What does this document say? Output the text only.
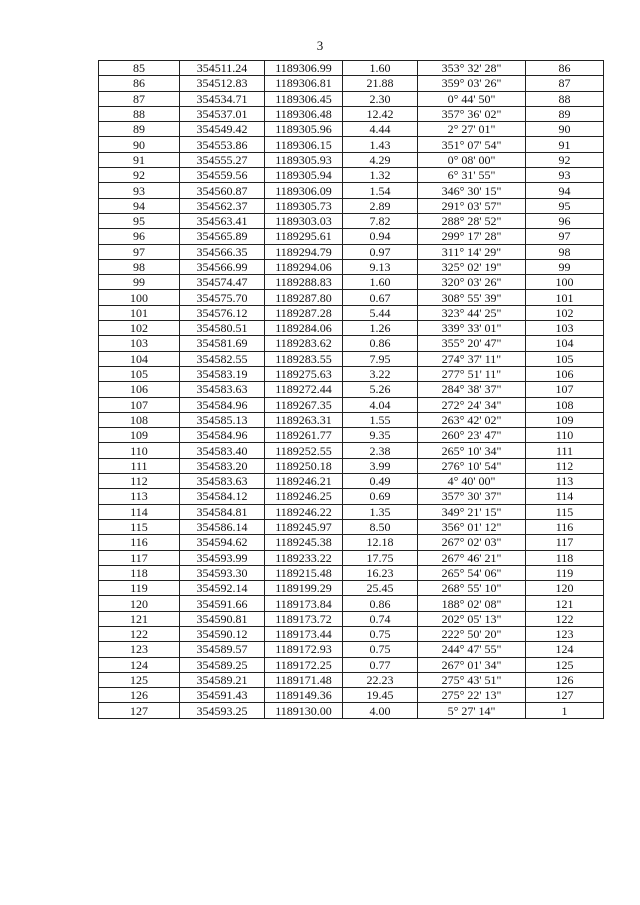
3
85	354511.24	1189306.99	1.60	353° 32' 28"	86
86	354512.83	1189306.81	21.88	359° 03' 26"	87
87	354534.71	1189306.45	2.30	0° 44' 50"	88
88	354537.01	1189306.48	12.42	357° 36' 02"	89
89	354549.42	1189305.96	4.44	2° 27' 01"	90
90	354553.86	1189306.15	1.43	351° 07' 54"	91
91	354555.27	1189305.93	4.29	0° 08' 00"	92
92	354559.56	1189305.94	1.32	6° 31' 55"	93
93	354560.87	1189306.09	1.54	346° 30' 15"	94
94	354562.37	1189305.73	2.89	291° 03' 57"	95
95	354563.41	1189303.03	7.82	288° 28' 52"	96
96	354565.89	1189295.61	0.94	299° 17' 28"	97
97	354566.35	1189294.79	0.97	311° 14' 29"	98
98	354566.99	1189294.06	9.13	325° 02' 19"	99
99	354574.47	1189288.83	1.60	320° 03' 26"	100
100	354575.70	1189287.80	0.67	308° 55' 39"	101
101	354576.12	1189287.28	5.44	323° 44' 25"	102
102	354580.51	1189284.06	1.26	339° 33' 01"	103
103	354581.69	1189283.62	0.86	355° 20' 47"	104
104	354582.55	1189283.55	7.95	274° 37' 11"	105
105	354583.19	1189275.63	3.22	277° 51' 11"	106
106	354583.63	1189272.44	5.26	284° 38' 37"	107
107	354584.96	1189267.35	4.04	272° 24' 34"	108
108	354585.13	1189263.31	1.55	263° 42' 02"	109
109	354584.96	1189261.77	9.35	260° 23' 47"	110
110	354583.40	1189252.55	2.38	265° 10' 34"	111
111	354583.20	1189250.18	3.99	276° 10' 54"	112
112	354583.63	1189246.21	0.49	4° 40' 00"	113
113	354584.12	1189246.25	0.69	357° 30' 37"	114
114	354584.81	1189246.22	1.35	349° 21' 15"	115
115	354586.14	1189245.97	8.50	356° 01' 12"	116
116	354594.62	1189245.38	12.18	267° 02' 03"	117
117	354593.99	1189233.22	17.75	267° 46' 21"	118
118	354593.30	1189215.48	16.23	265° 54' 06"	119
119	354592.14	1189199.29	25.45	268° 55' 10"	120
120	354591.66	1189173.84	0.86	188° 02' 08"	121
121	354590.81	1189173.72	0.74	202° 05' 13"	122
122	354590.12	1189173.44	0.75	222° 50' 20"	123
123	354589.57	1189172.93	0.75	244° 47' 55"	124
124	354589.25	1189172.25	0.77	267° 01' 34"	125
125	354589.21	1189171.48	22.23	275° 43' 51"	126
126	354591.43	1189149.36	19.45	275° 22' 13"	127
127	354593.25	1189130.00	4.00	5° 27' 14"	1
